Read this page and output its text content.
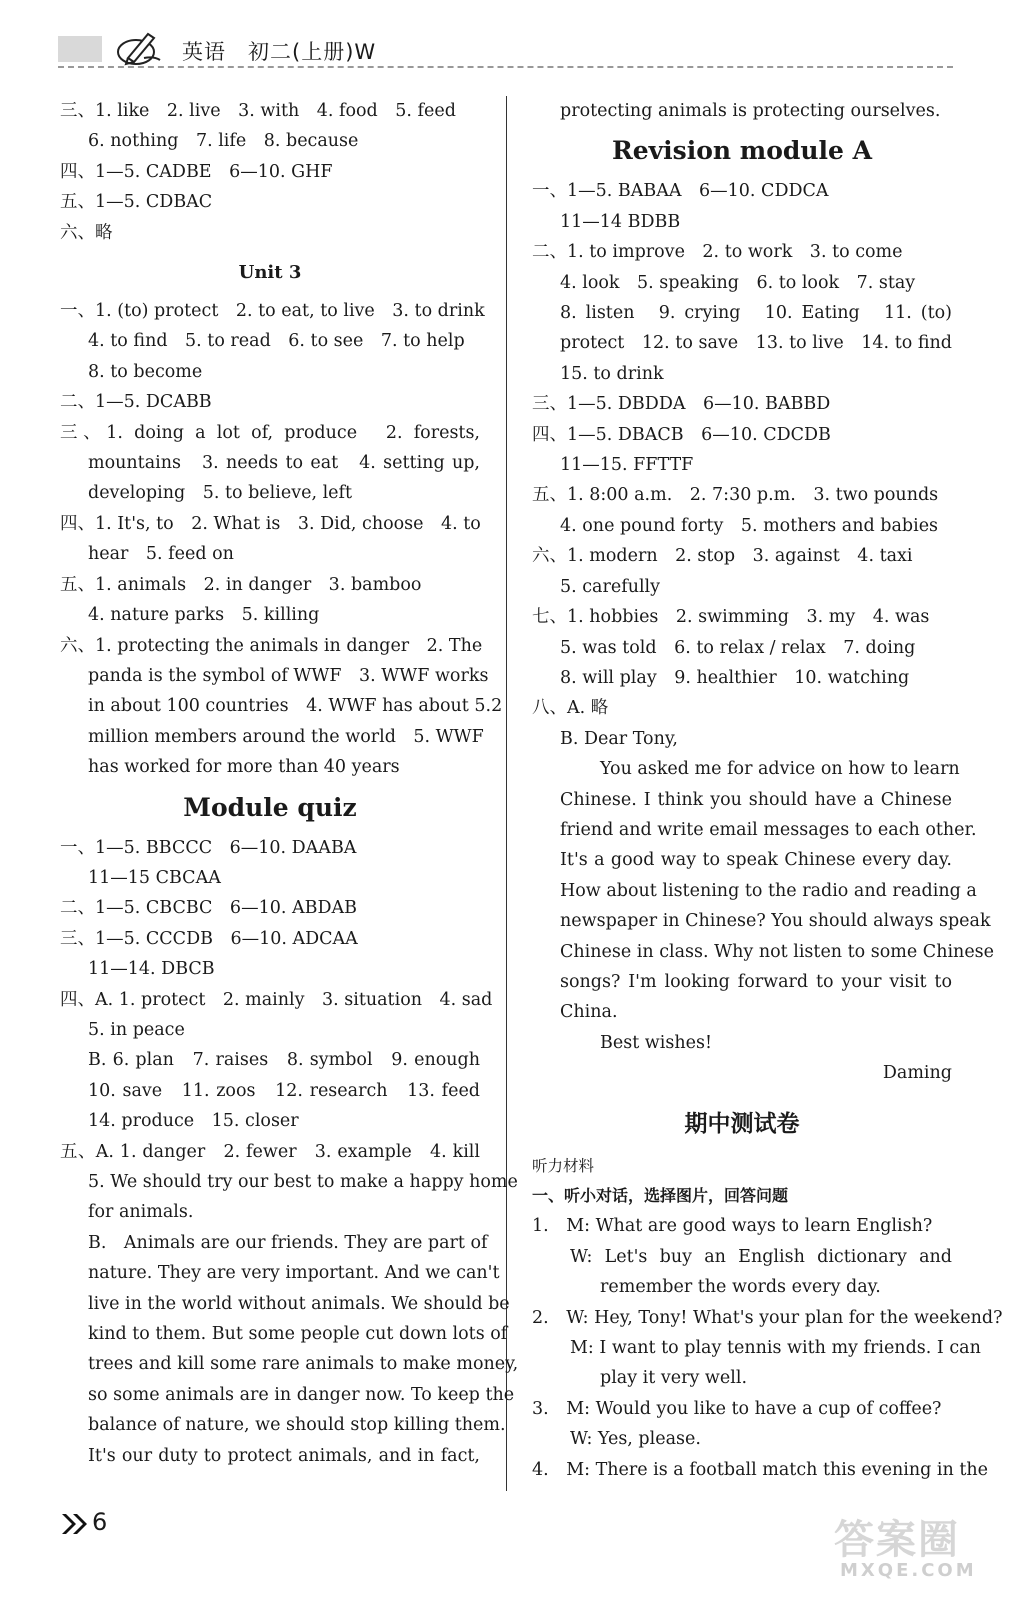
英语　初二(上册)W
三、1. like　2. live　3. with　4. food　5. feed
6. nothing　7. life　8. because
四、1—5. CADBE　6—10. GHF
五、1—5. CDBAC
六、略
Unit 3
一、1. (to) protect　2. to eat, to live　3. to drink
4. to find　5. to read　6. to see　7. to help
8. to become
二、1—5. DCABB
三、1. doing a lot of, produce　2. forests,
mountains　3. needs to eat　4. setting up,
developing　5. to believe, left
四、1. It's, to　2. What is　3. Did, choose　4. to
hear　5. feed on
五、1. animals　2. in danger　3. bamboo
4. nature parks　5. killing
六、1. protecting the animals in danger　2. The
panda is the symbol of WWF　3. WWF works
in about 100 countries　4. WWF has about 5.2
million members around the world　5. WWF
has worked for more than 40 years
Module quiz
一、1—5. BBCCC　6—10. DAABA
11—15 CBCAA
二、1—5. CBCBC　6—10. ABDAB
三、1—5. CCCDB　6—10. ADCAA
11—14. DBCB
四、A. 1. protect　2. mainly　3. situation　4. sad
5. in peace
B. 6. plan　7. raises　8. symbol　9. enough
10. save　11. zoos　12. research　13. feed
14. produce　15. closer
五、A. 1. danger　2. fewer　3. example　4. kill
5. We should try our best to make a happy home
for animals.
B.　Animals are our friends. They are part of
nature. They are very important. And we can't
live in the world without animals. We should be
kind to them. But some people cut down lots of
trees and kill some rare animals to make money,
so some animals are in danger now. To keep the
balance of nature, we should stop killing them.
It's our duty to protect animals, and in fact,
protecting animals is protecting ourselves.
Revision module A
一、1—5. BABAA　6—10. CDDCA
11—14 BDBB
二、1. to improve　2. to work　3. to come
4. look　5. speaking　6. to look　7. stay
8. listen　9. crying　10. Eating　11. (to)
protect　12. to save　13. to live　14. to find
15. to drink
三、1—5. DBDDA　6—10. BABBD
四、1—5. DBACB　6—10. CDCDB
11—15. FFTTF
五、1. 8:00 a.m.　2. 7:30 p.m.　3. two pounds
4. one pound forty　5. mothers and babies
六、1. modern　2. stop　3. against　4. taxi
5. carefully
七、1. hobbies　2. swimming　3. my　4. was
5. was told　6. to relax / relax　7. doing
8. will play　9. healthier　10. watching
八、A. 略
B. Dear Tony,
You asked me for advice on how to learn
Chinese. I think you should have a Chinese
friend and write email messages to each other.
It's a good way to speak Chinese every day.
How about listening to the radio and reading a
newspaper in Chinese? You should always speak
Chinese in class. Why not listen to some Chinese
songs? I'm looking forward to your visit to
China.
Best wishes!
Daming
期中测试卷
听力材料
一、听小对话，选择图片，回答问题
1.　M: What are good ways to learn English?
W: Let's buy an English dictionary and
remember the words every day.
2.　W: Hey, Tony! What's your plan for the weekend?
M: I want to play tennis with my friends. I can
play it very well.
3.　M: Would you like to have a cup of coffee?
W: Yes, please.
4.　M: There is a football match this evening in the
6	答案圈
MXQE.COM
